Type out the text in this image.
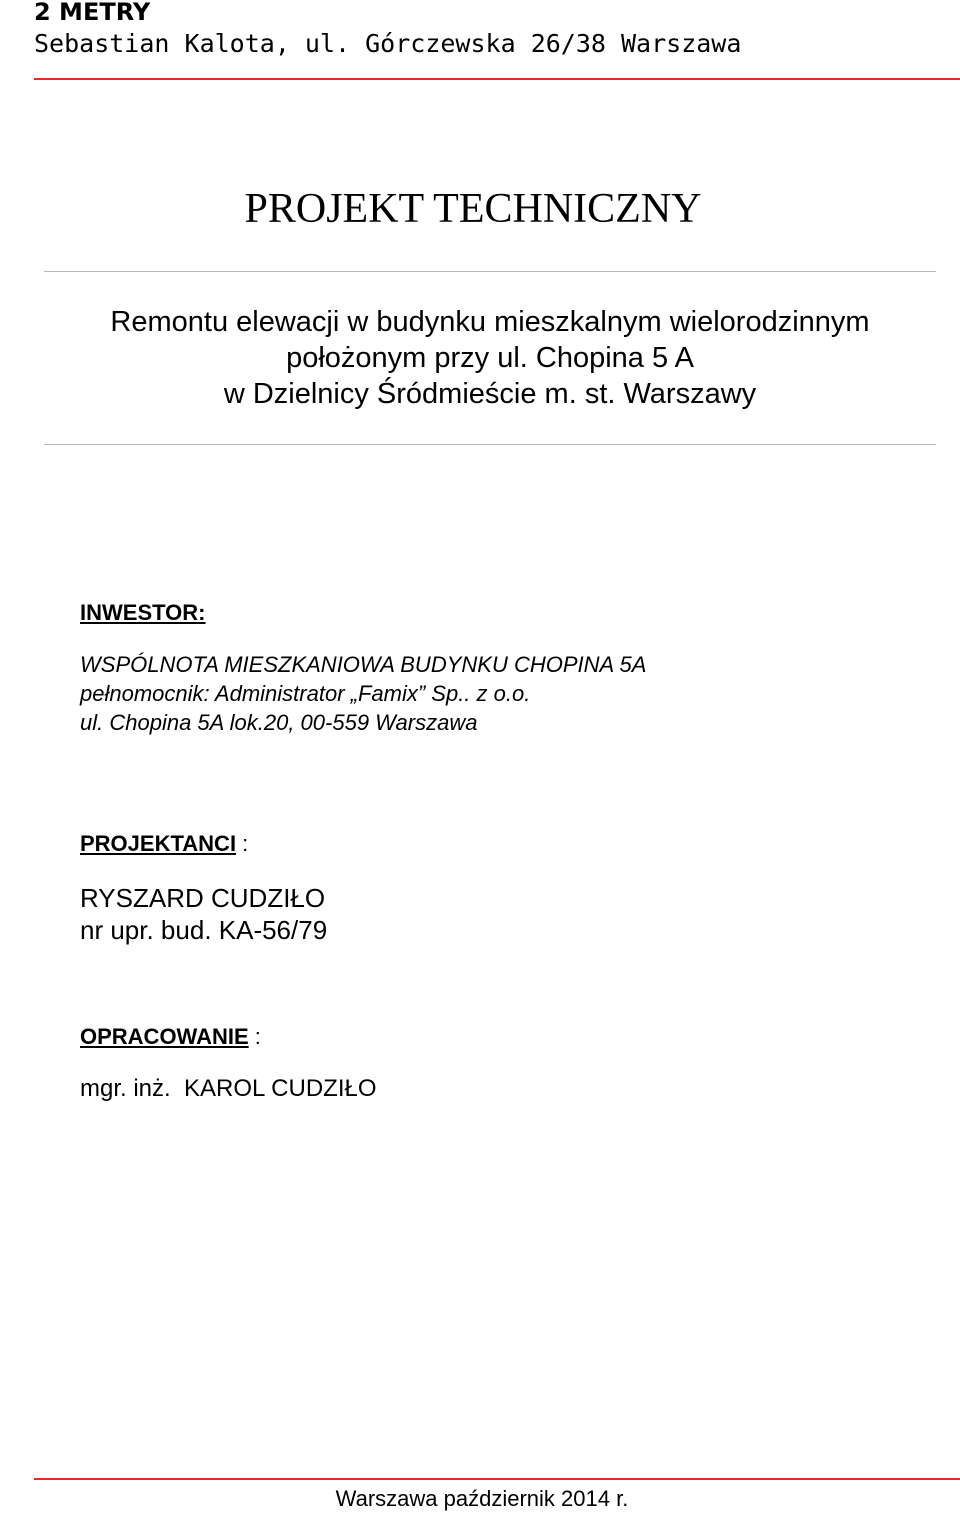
2 METRY
Sebastian Kalota, ul. Górczewska 26/38 Warszawa
PROJEKT TECHNICZNY
Remontu elewacji w budynku mieszkalnym wielorodzinnym
położonym przy ul. Chopina 5 A
w Dzielnicy Śródmieście m. st. Warszawy
INWESTOR:
WSPÓLNOTA MIESZKANIOWA BUDYNKU CHOPINA 5A
pełnomocnik: Administrator „Famix” Sp.. z o.o.
ul. Chopina 5A lok.20, 00-559 Warszawa
PROJEKTANCI :
RYSZARD CUDZIŁO
nr upr. bud. KA-56/79
OPRACOWANIE :
mgr. inż.  KAROL CUDZIŁO
Warszawa październik 2014 r.
